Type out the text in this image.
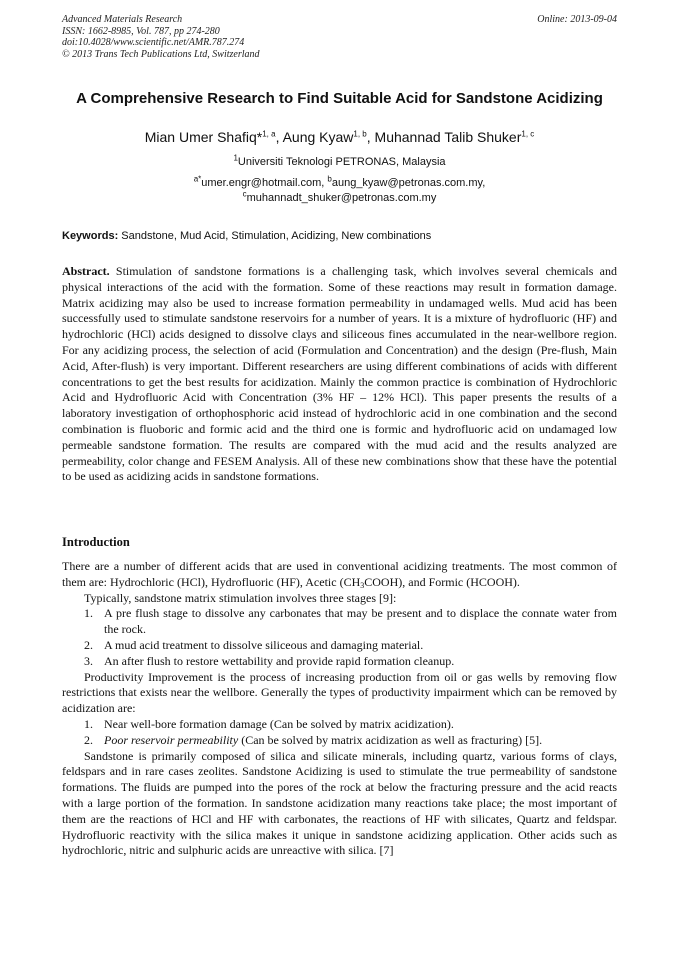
Advanced Materials Research
ISSN: 1662-8985, Vol. 787, pp 274-280
doi:10.4028/www.scientific.net/AMR.787.274
© 2013 Trans Tech Publications Ltd, Switzerland
Online: 2013-09-04
A Comprehensive Research to Find Suitable Acid for Sandstone Acidizing
Mian Umer Shafiq*$^{1, a}$, Aung Kyaw$^{1, b}$, Muhannad Talib Shuker$^{1, c}$
$^1$Universiti Teknologi PETRONAS, Malaysia
$^{a*}$umer.engr@hotmail.com, $^b$aung_kyaw@petronas.com.my,
$^c$muhannadt_shuker@petronas.com.my
Keywords: Sandstone, Mud Acid, Stimulation, Acidizing, New combinations
Abstract. Stimulation of sandstone formations is a challenging task, which involves several chemicals and physical interactions of the acid with the formation. Some of these reactions may result in formation damage. Matrix acidizing may also be used to increase formation permeability in undamaged wells. Mud acid has been successfully used to stimulate sandstone reservoirs for a number of years. It is a mixture of hydrofluoric (HF) and hydrochloric (HCl) acids designed to dissolve clays and siliceous fines accumulated in the near-wellbore region. For any acidizing process, the selection of acid (Formulation and Concentration) and the design (Pre-flush, Main Acid, After-flush) is very important. Different researchers are using different combinations of acids with different concentrations to get the best results for acidization. Mainly the common practice is combination of Hydrochloric Acid and Hydrofluoric Acid with Concentration (3% HF – 12% HCl). This paper presents the results of a laboratory investigation of orthophosphoric acid instead of hydrochloric acid in one combination and the second combination is fluoboric and formic acid and the third one is formic and hydrofluoric acid on undamaged low permeable sandstone formation. The results are compared with the mud acid and the results analyzed are permeability, color change and FESEM Analysis. All of these new combinations show that these have the potential to be used as acidizing acids in sandstone formations.
Introduction

There are a number of different acids that are used in conventional acidizing treatments. The most common of them are: Hydrochloric (HCl), Hydrofluoric (HF), Acetic $(CH_3COOH)$, and Formic (HCOOH).

Typically, sandstone matrix stimulation involves three stages [9]:

1. A pre flush stage to dissolve any carbonates that may be present and to displace the connate water from the rock.
2. A mud acid treatment to dissolve siliceous and damaging material.
3. An after flush to restore wettability and provide rapid formation cleanup.

Productivity Improvement is the process of increasing production from oil or gas wells by removing flow restrictions that exists near the wellbore. Generally the types of productivity impairment which can be removed by acidization are:

1. Near well-bore formation damage (Can be solved by matrix acidization).
2. Poor reservoir permeability (Can be solved by matrix acidization as well as fracturing) [5].

Sandstone is primarily composed of silica and silicate minerals, including quartz, various forms of clays, feldspars and in rare cases zeolites. Sandstone Acidizing is used to stimulate the true permeability of sandstone formations. The fluids are pumped into the pores of the rock at below the fracturing pressure and the acid reacts with a large portion of the formation. In sandstone acidization many reactions take place; the most important of them are the reactions of HCl and HF with carbonates, the reactions of HF with silicates, Quartz and feldspar. Hydrofluoric reactivity with the silica makes it unique in sandstone acidizing application. Other acids such as hydrochloric, nitric and sulphuric acids are unreactive with silica. [7]
